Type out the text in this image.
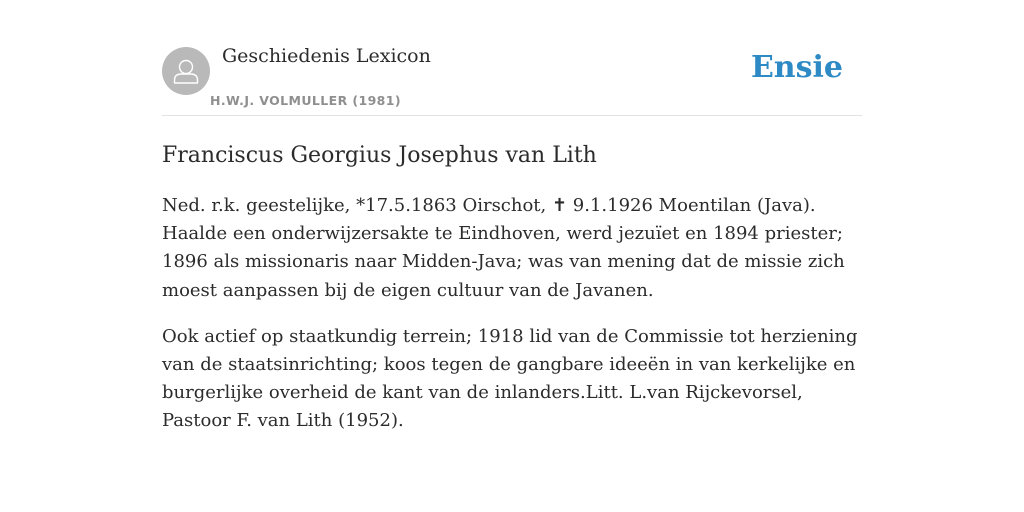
Geschiedenis Lexicon
H.W.J. VOLMULLER (1981)
Ensie
Franciscus Georgius Josephus van Lith

Ned. r.k. geestelijke, *17.5.1863 Oirschot, ✝ 9.1.1926 Moentilan (Java). Haalde een onderwijzersakte te Eindhoven, werd jezuïet en 1894 priester; 1896 als missionaris naar Midden-Java; was van mening dat de missie zich moest aanpassen bij de eigen cultuur van de Javanen.

Ook actief op staatkundig terrein; 1918 lid van de Commissie tot herziening van de staatsinrichting; koos tegen de gangbare ideeën in van kerkelijke en burgerlijke overheid de kant van de inlanders.Litt. L.van Rijckevorsel, Pastoor F. van Lith (1952).
